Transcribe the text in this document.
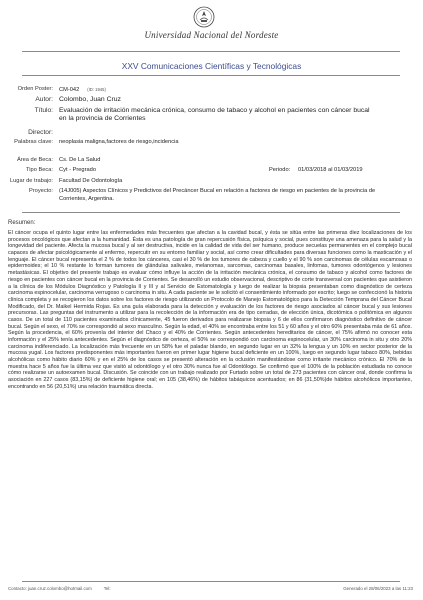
Universidad Nacional del Nordeste
XXV Comunicaciones Científicas y Tecnológicas
Orden Poster: CM-042 (ID: 1945)
Autor: Colombo, Juan Cruz
Título: Evaluación de irritación mecánica crónica, consumo de tabaco y alcohol en pacientes con cáncer bucal en la provincia de Corrientes
Director:
Palabras clave: neoplasia maligna,factores de riesgo,incidencia
Área de Beca: Cs. De La Salud
Tipo Beca: Cyt - Pregrado	Periodo: 01/03/2018 al 01/03/2019
Lugar de trabajo: Facultad De Odontología
Proyecto: (14J005) Aspectos Clínicos y Predictivos del Precáncer Bucal en relación a factores de riesgo en pacientes de la provincia de Corrientes, Argentina.
Resumen:
El cáncer ocupa el quinto lugar entre las enfermedades más frecuentes que afectan a la cavidad bucal, y ésta se sitúa entre las primeras diez localizaciones de los procesos oncológicos que afectan a la humanidad. Ésta es una patología de gran repercusión física, psíquica y social, pues constituye una amenaza para la salud y la longevidad del paciente. Afecta la mucosa bucal y al ser destructiva, incide en la calidad de vida del ser humano, produce secuelas permanentes en el complejo bucal capaces de afectar psicológicamente al enfermo, repercutir en su entorno familiar y social, así como crear dificultades para diversas funciones como la masticación y el lenguaje. El cáncer bucal representa el 2 % de todos los cánceres, casi el 30 % de los tumores de cabeza y cuello y el 90 % son carcinomas de células escamosas o epidermoides; el 10 % restante lo forman tumores de glándulas salivales, melanomas, sarcomas, carcinomas basales, linfomas, tumores odontógenos y lesiones metastásicas. El objetivo del presente trabajo es evaluar cómo influye la acción de la irritación mecánica crónica, el consumo de tabaco y alcohol como factores de riesgo en pacientes con cáncer bucal en la provincia de Corrientes. Se desarrolló un estudio observacional, descriptivo de corte transversal con pacientes que asistieron a la clínica de los Módulos Diagnóstico y Patología II y III y al Servicio de Estomatología y luego de realizar la biopsia presentaban como diagnóstico de certeza carcinoma espinocelular, carcinoma verrugoso o carcinoma in situ. A cada paciente se le solicitó el consentimiento informado por escrito; luego se confeccionó la historia clínica completa y se recogieron los datos sobre los factores de riesgo utilizando un Protocolo de Manejo Estomatológico para la Detección Temprana del Cáncer Bucal Modificado, del Dr. Maikel Hermida Rojas. Es una guía elaborada para la detección y evaluación de los factores de riesgo asociados al cáncer bucal y sus lesiones precursoras. Las preguntas del instrumento a utilizar para la recolección de la información era de tipo cerradas, de elección única, dicotómica o politómica en algunos casos. De un total de 110 pacientes examinados clínicamente, 45 fueron derivados para realizarse biopsia y 6 de ellos confirmaron diagnóstico definitivo de cáncer bucal. Según el sexo, el 70% se correspondió al sexo masculino. Según la edad, el 40% se encontraba entre los 51 y 60 años y el otro 60% presentaba más de 61 años. Según la procedencia, el 60% provenía del interior del Chaco y el 40% de Corrientes. Según antecedentes hereditarios de cáncer, el 75% afirmó no conocer esta información y el 25% tenía antecedentes. Según el diagnóstico de certeza, el 50% se correspondió con carcinoma espinocelular, un 30% carcinoma in situ y otro 20% carcinoma indiferenciado. La localización más frecuente en un 58% fue el paladar blando, en segundo lugar en un 32% la lengua y un 10% en sector posterior de la mucosa yugal. Los factores predisponentes más importantes fueron en primer lugar higiene bucal deficiente en un 100%, luego en segundo lugar tabaco 80%, bebidas alcohólicas como hábito diario 60% y en el 25% de los casos se presentó alteración en la oclusión manifestándose como irritante mecánico crónico. El 70% de la muestra hace 5 años fue la última vez que visitó al odontólogo y el otro 30% nunca fue al Odontólogo. Se confirmó que el 100% de la población estudiada no conoce cómo realizarse un autoexamen bucal. Discusión. Se coincide con un trabajo realizado por Furtado sobre un total de 273 pacientes con cáncer oral, donde confirma la asociación en 227 casos (83,15%) de deficiente higiene oral; en 105 (38,46%) de hábitos tabáquicos acentuados; en 86 (31,50%)de hábitos alcohólicos importantes, encontrando en 56 (20,51%) una relación traumática directa.
Contacto: juan.cruz.colombo@hotmail.com	Tel:	Generado el 28/06/2023 a las 11:23
